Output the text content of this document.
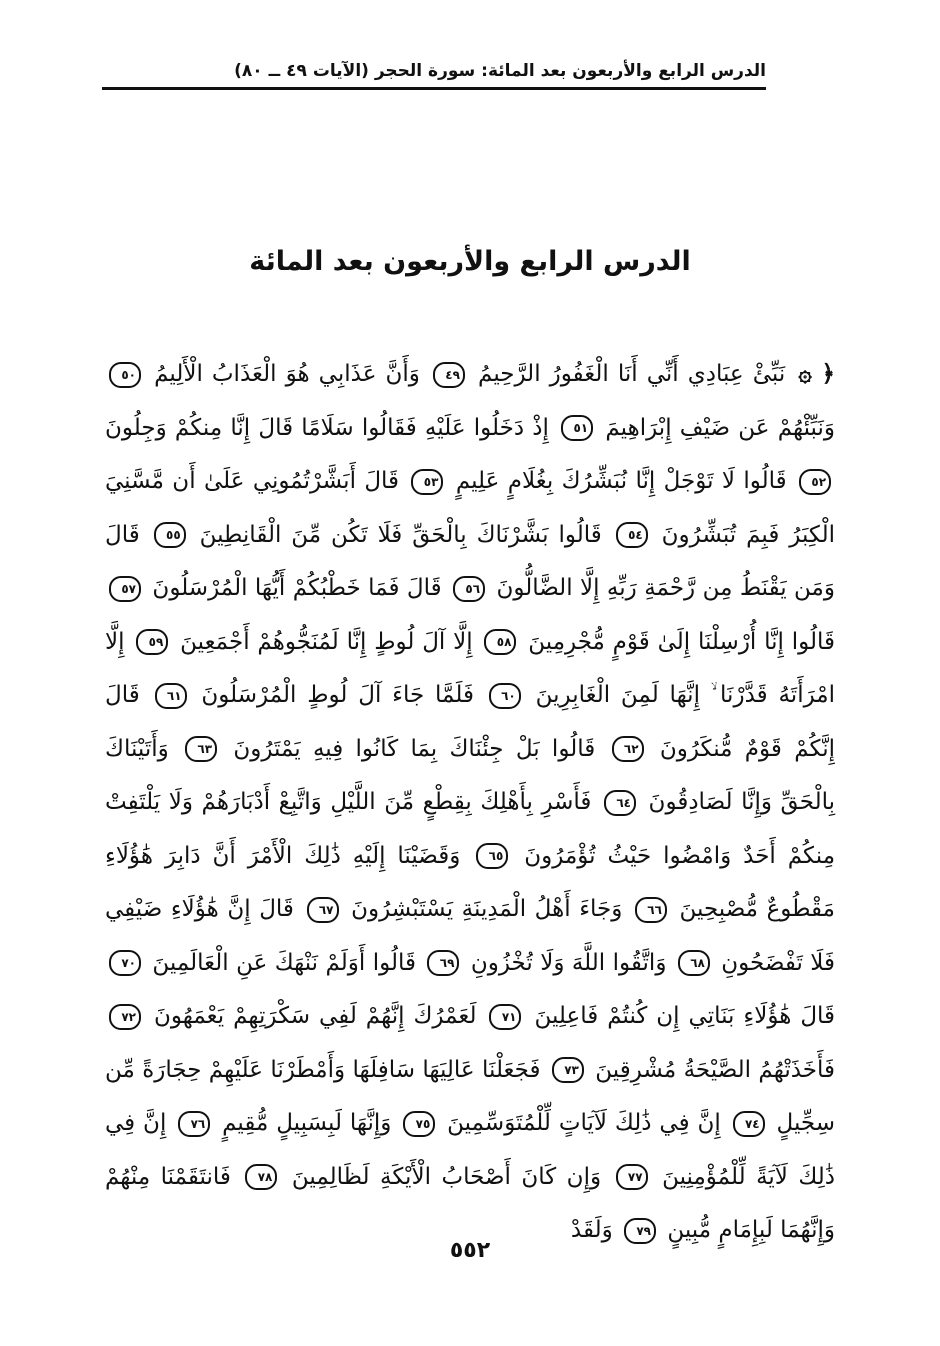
الدرس الرابع والأربعون بعد المائة: سورة الحجر (الآيات ٤٩ ــ ٨٠)
الدرس الرابع والأربعون بعد المائة
﴿ ۞ نَبِّئْ عِبَادِي أَنِّي أَنَا الْغَفُورُ الرَّحِيمُ ٤٩ وَأَنَّ عَذَابِي هُوَ الْعَذَابُ الْأَلِيمُ ٥٠ وَنَبِّئْهُمْ عَن ضَيْفِ إِبْرَاهِيمَ ٥١ إِذْ دَخَلُوا عَلَيْهِ فَقَالُوا سَلَامًا قَالَ إِنَّا مِنكُمْ وَجِلُونَ ٥٢ قَالُوا لَا تَوْجَلْ إِنَّا نُبَشِّرُكَ بِغُلَامٍ عَلِيمٍ ٥٣ قَالَ أَبَشَّرْتُمُونِي عَلَىٰ أَن مَّسَّنِيَ الْكِبَرُ فَبِمَ تُبَشِّرُونَ ٥٤ قَالُوا بَشَّرْنَاكَ بِالْحَقِّ فَلَا تَكُن مِّنَ الْقَانِطِينَ ٥٥ قَالَ وَمَن يَقْنَطُ مِن رَّحْمَةِ رَبِّهِ إِلَّا الضَّالُّونَ ٥٦ قَالَ فَمَا خَطْبُكُمْ أَيُّهَا الْمُرْسَلُونَ ٥٧ قَالُوا إِنَّا أُرْسِلْنَا إِلَىٰ قَوْمٍ مُّجْرِمِينَ ٥٨ إِلَّا آلَ لُوطٍ إِنَّا لَمُنَجُّوهُمْ أَجْمَعِينَ ٥٩ إِلَّا امْرَأَتَهُ قَدَّرْنَا ۙ إِنَّهَا لَمِنَ الْغَابِرِينَ ٦٠ فَلَمَّا جَاءَ آلَ لُوطٍ الْمُرْسَلُونَ ٦١ قَالَ إِنَّكُمْ قَوْمٌ مُّنكَرُونَ ٦٢ قَالُوا بَلْ جِئْنَاكَ بِمَا كَانُوا فِيهِ يَمْتَرُونَ ٦٣ وَأَتَيْنَاكَ بِالْحَقِّ وَإِنَّا لَصَادِقُونَ ٦٤ فَأَسْرِ بِأَهْلِكَ بِقِطْعٍ مِّنَ اللَّيْلِ وَاتَّبِعْ أَدْبَارَهُمْ وَلَا يَلْتَفِتْ مِنكُمْ أَحَدٌ وَامْضُوا حَيْثُ تُؤْمَرُونَ ٦٥ وَقَضَيْنَا إِلَيْهِ ذَٰلِكَ الْأَمْرَ أَنَّ دَابِرَ هَٰؤُلَاءِ مَقْطُوعٌ مُّصْبِحِينَ ٦٦ وَجَاءَ أَهْلُ الْمَدِينَةِ يَسْتَبْشِرُونَ ٦٧ قَالَ إِنَّ هَٰؤُلَاءِ ضَيْفِي فَلَا تَفْضَحُونِ ٦٨ وَاتَّقُوا اللَّهَ وَلَا تُخْزُونِ ٦٩ قَالُوا أَوَلَمْ نَنْهَكَ عَنِ الْعَالَمِينَ ٧٠ قَالَ هَٰؤُلَاءِ بَنَاتِي إِن كُنتُمْ فَاعِلِينَ ٧١ لَعَمْرُكَ إِنَّهُمْ لَفِي سَكْرَتِهِمْ يَعْمَهُونَ ٧٢ فَأَخَذَتْهُمُ الصَّيْحَةُ مُشْرِقِينَ ٧٣ فَجَعَلْنَا عَالِيَهَا سَافِلَهَا وَأَمْطَرْنَا عَلَيْهِمْ حِجَارَةً مِّن سِجِّيلٍ ٧٤ إِنَّ فِي ذَٰلِكَ لَآيَاتٍ لِّلْمُتَوَسِّمِينَ ٧٥ وَإِنَّهَا لَبِسَبِيلٍ مُّقِيمٍ ٧٦ إِنَّ فِي ذَٰلِكَ لَآيَةً لِّلْمُؤْمِنِينَ ٧٧ وَإِن كَانَ أَصْحَابُ الْأَيْكَةِ لَظَالِمِينَ ٧٨ فَانتَقَمْنَا مِنْهُمْ وَإِنَّهُمَا لَبِإِمَامٍ مُّبِينٍ ٧٩ وَلَقَدْ
٥٥٢
